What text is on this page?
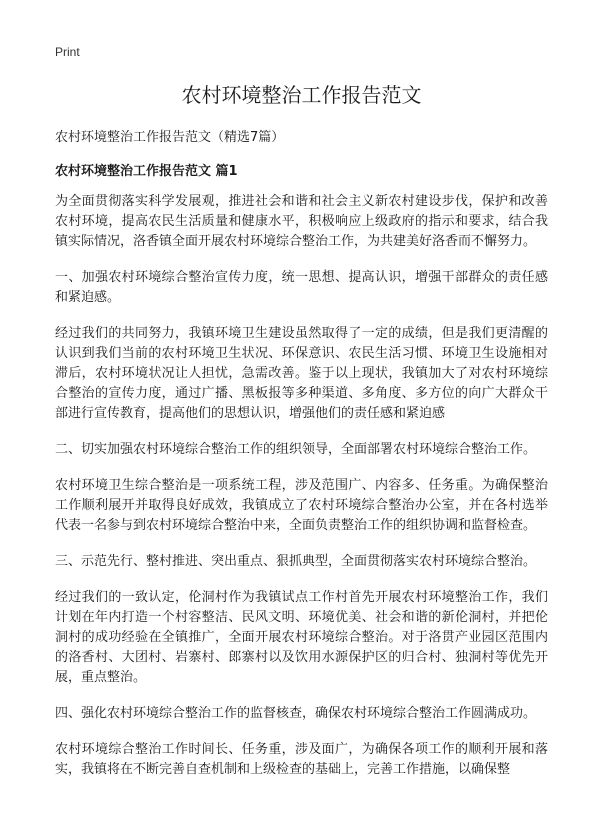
Print
农村环境整治工作报告范文
农村环境整治工作报告范文（精选7篇）
农村环境整治工作报告范文 篇1

为全面贯彻落实科学发展观，推进社会和谐和社会主义新农村建设步伐，保护和改善农村环境，提高农民生活质量和健康水平，积极响应上级政府的指示和要求，结合我镇实际情况，洛香镇全面开展农村环境综合整治工作，为共建美好洛香而不懈努力。

一、加强农村环境综合整治宣传力度，统一思想、提高认识，增强干部群众的责任感和紧迫感。

经过我们的共同努力，我镇环境卫生建设虽然取得了一定的成绩，但是我们更清醒的认识到我们当前的农村环境卫生状况、环保意识、农民生活习惯、环境卫生设施相对滞后，农村环境状况让人担忧，急需改善。鉴于以上现状，我镇加大了对农村环境综合整治的宣传力度，通过广播、黑板报等多种渠道、多角度、多方位的向广大群众干部进行宣传教育，提高他们的思想认识，增强他们的责任感和紧迫感

二、切实加强农村环境综合整治工作的组织领导，全面部署农村环境综合整治工作。

农村环境卫生综合整治是一项系统工程，涉及范围广、内容多、任务重。为确保整治工作顺利展开并取得良好成效，我镇成立了农村环境综合整治办公室，并在各村选举代表一名参与到农村环境综合整治中来，全面负责整治工作的组织协调和监督检查。

三、示范先行、整村推进、突出重点、狠抓典型，全面贯彻落实农村环境综合整治。

经过我们的一致认定，伦洞村作为我镇试点工作村首先开展农村环境整治工作，我们计划在年内打造一个村容整洁、民风文明、环境优美、社会和谐的新伦洞村，并把伦洞村的成功经验在全镇推广，全面开展农村环境综合整治。对于洛贯产业园区范围内的洛香村、大团村、岩寨村、郎寨村以及饮用水源保护区的归合村、独洞村等优先开展，重点整治。

四、强化农村环境综合整治工作的监督核查，确保农村环境综合整治工作圆满成功。

农村环境综合整治工作时间长、任务重，涉及面广，为确保各项工作的顺利开展和落实，我镇将在不断完善自查机制和上级检查的基础上，完善工作措施，以确保整
